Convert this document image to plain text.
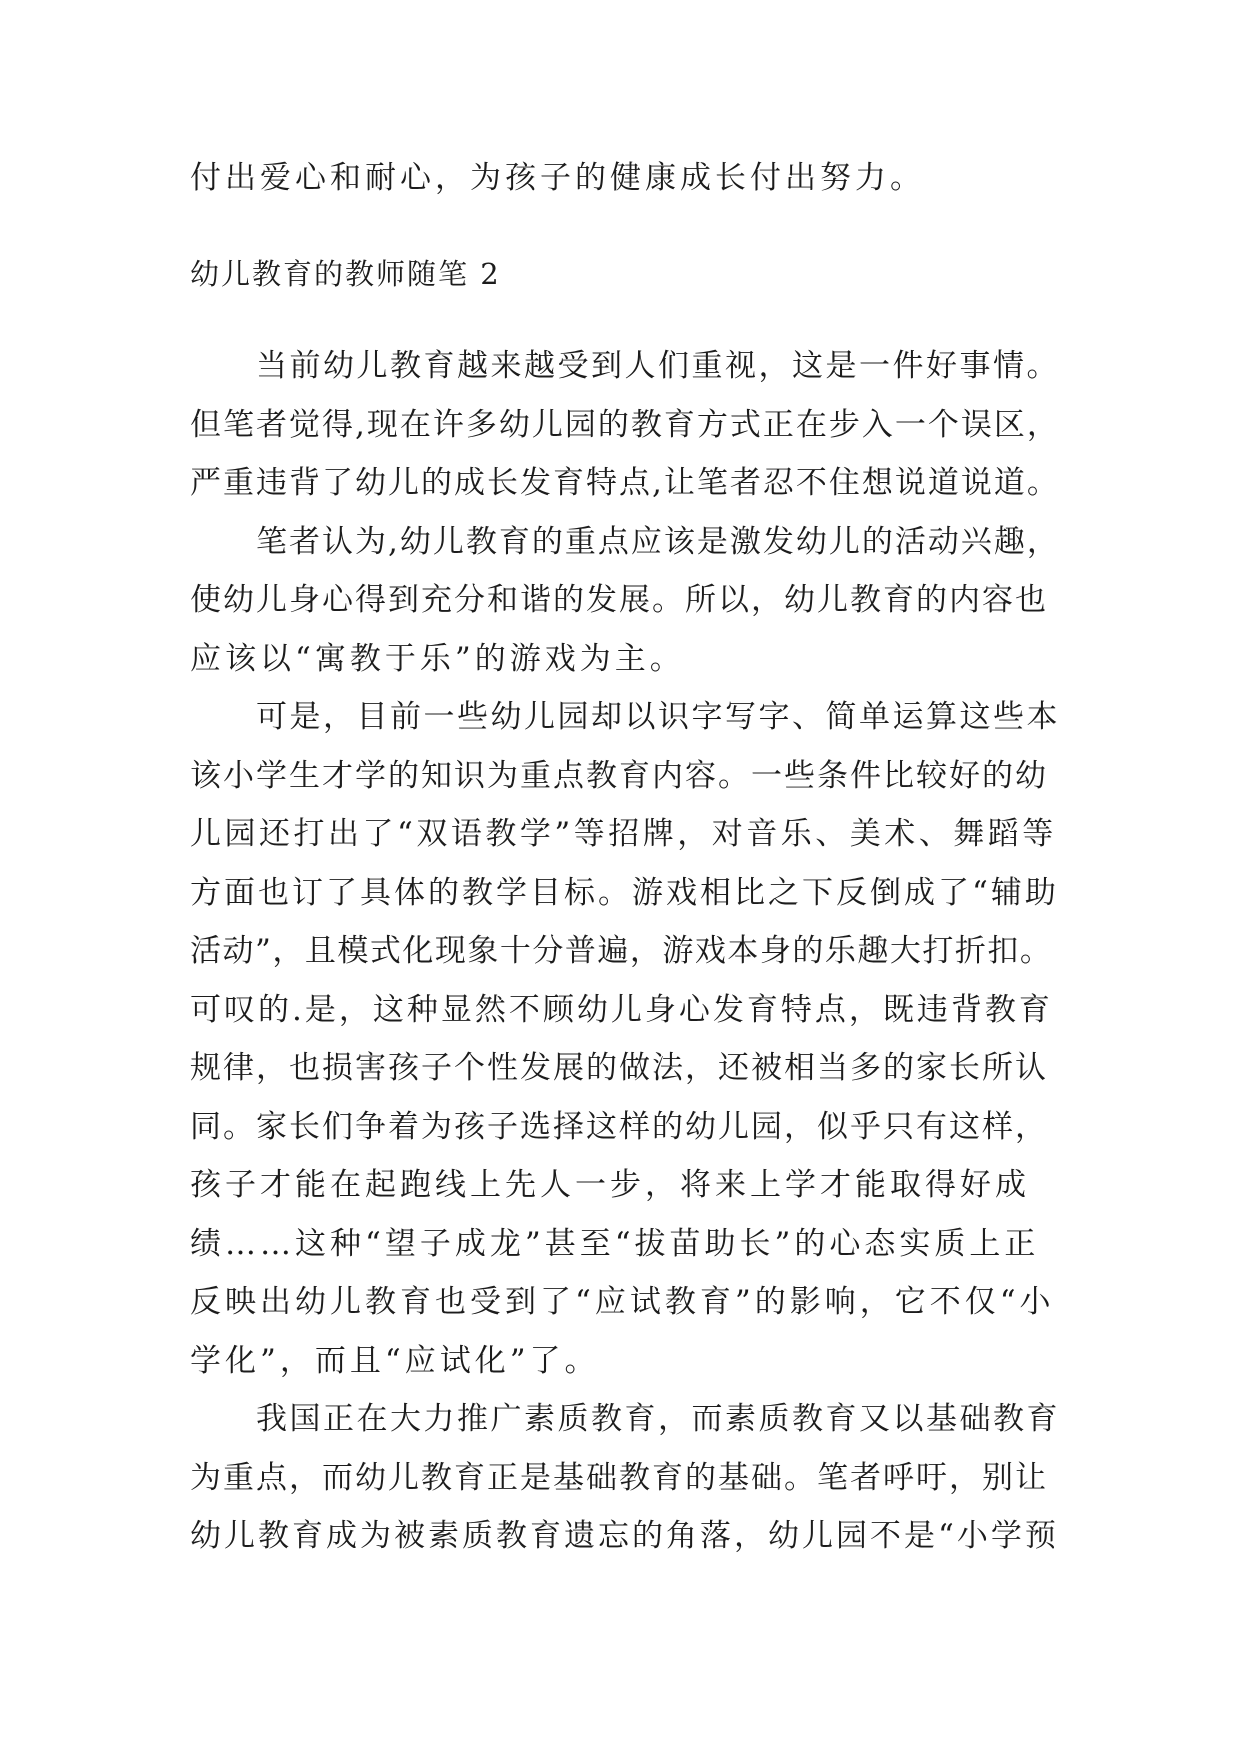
付出爱心和耐心，为孩子的健康成长付出努力。
幼儿教育的教师随笔 2
当前幼儿教育越来越受到人们重视，这是一件好事情。
但笔者觉得,现在许多幼儿园的教育方式正在步入一个误区，
严重违背了幼儿的成长发育特点,让笔者忍不住想说道说道。
笔者认为,幼儿教育的重点应该是激发幼儿的活动兴趣，
使幼儿身心得到充分和谐的发展。所以，幼儿教育的内容也
应该以“寓教于乐”的游戏为主。
可是，目前一些幼儿园却以识字写字、简单运算这些本
该小学生才学的知识为重点教育内容。一些条件比较好的幼
儿园还打出了“双语教学”等招牌，对音乐、美术、舞蹈等
方面也订了具体的教学目标。游戏相比之下反倒成了“辅助
活动”，且模式化现象十分普遍，游戏本身的乐趣大打折扣。
可叹的.是，这种显然不顾幼儿身心发育特点，既违背教育
规律，也损害孩子个性发展的做法，还被相当多的家长所认
同。家长们争着为孩子选择这样的幼儿园，似乎只有这样，
孩子才能在起跑线上先人一步，将来上学才能取得好成
绩……这种“望子成龙”甚至“拔苗助长”的心态实质上正
反映出幼儿教育也受到了“应试教育”的影响，它不仅“小
学化”，而且“应试化”了。
我国正在大力推广素质教育，而素质教育又以基础教育
为重点，而幼儿教育正是基础教育的基础。笔者呼吁，别让
幼儿教育成为被素质教育遗忘的角落，幼儿园不是“小学预
